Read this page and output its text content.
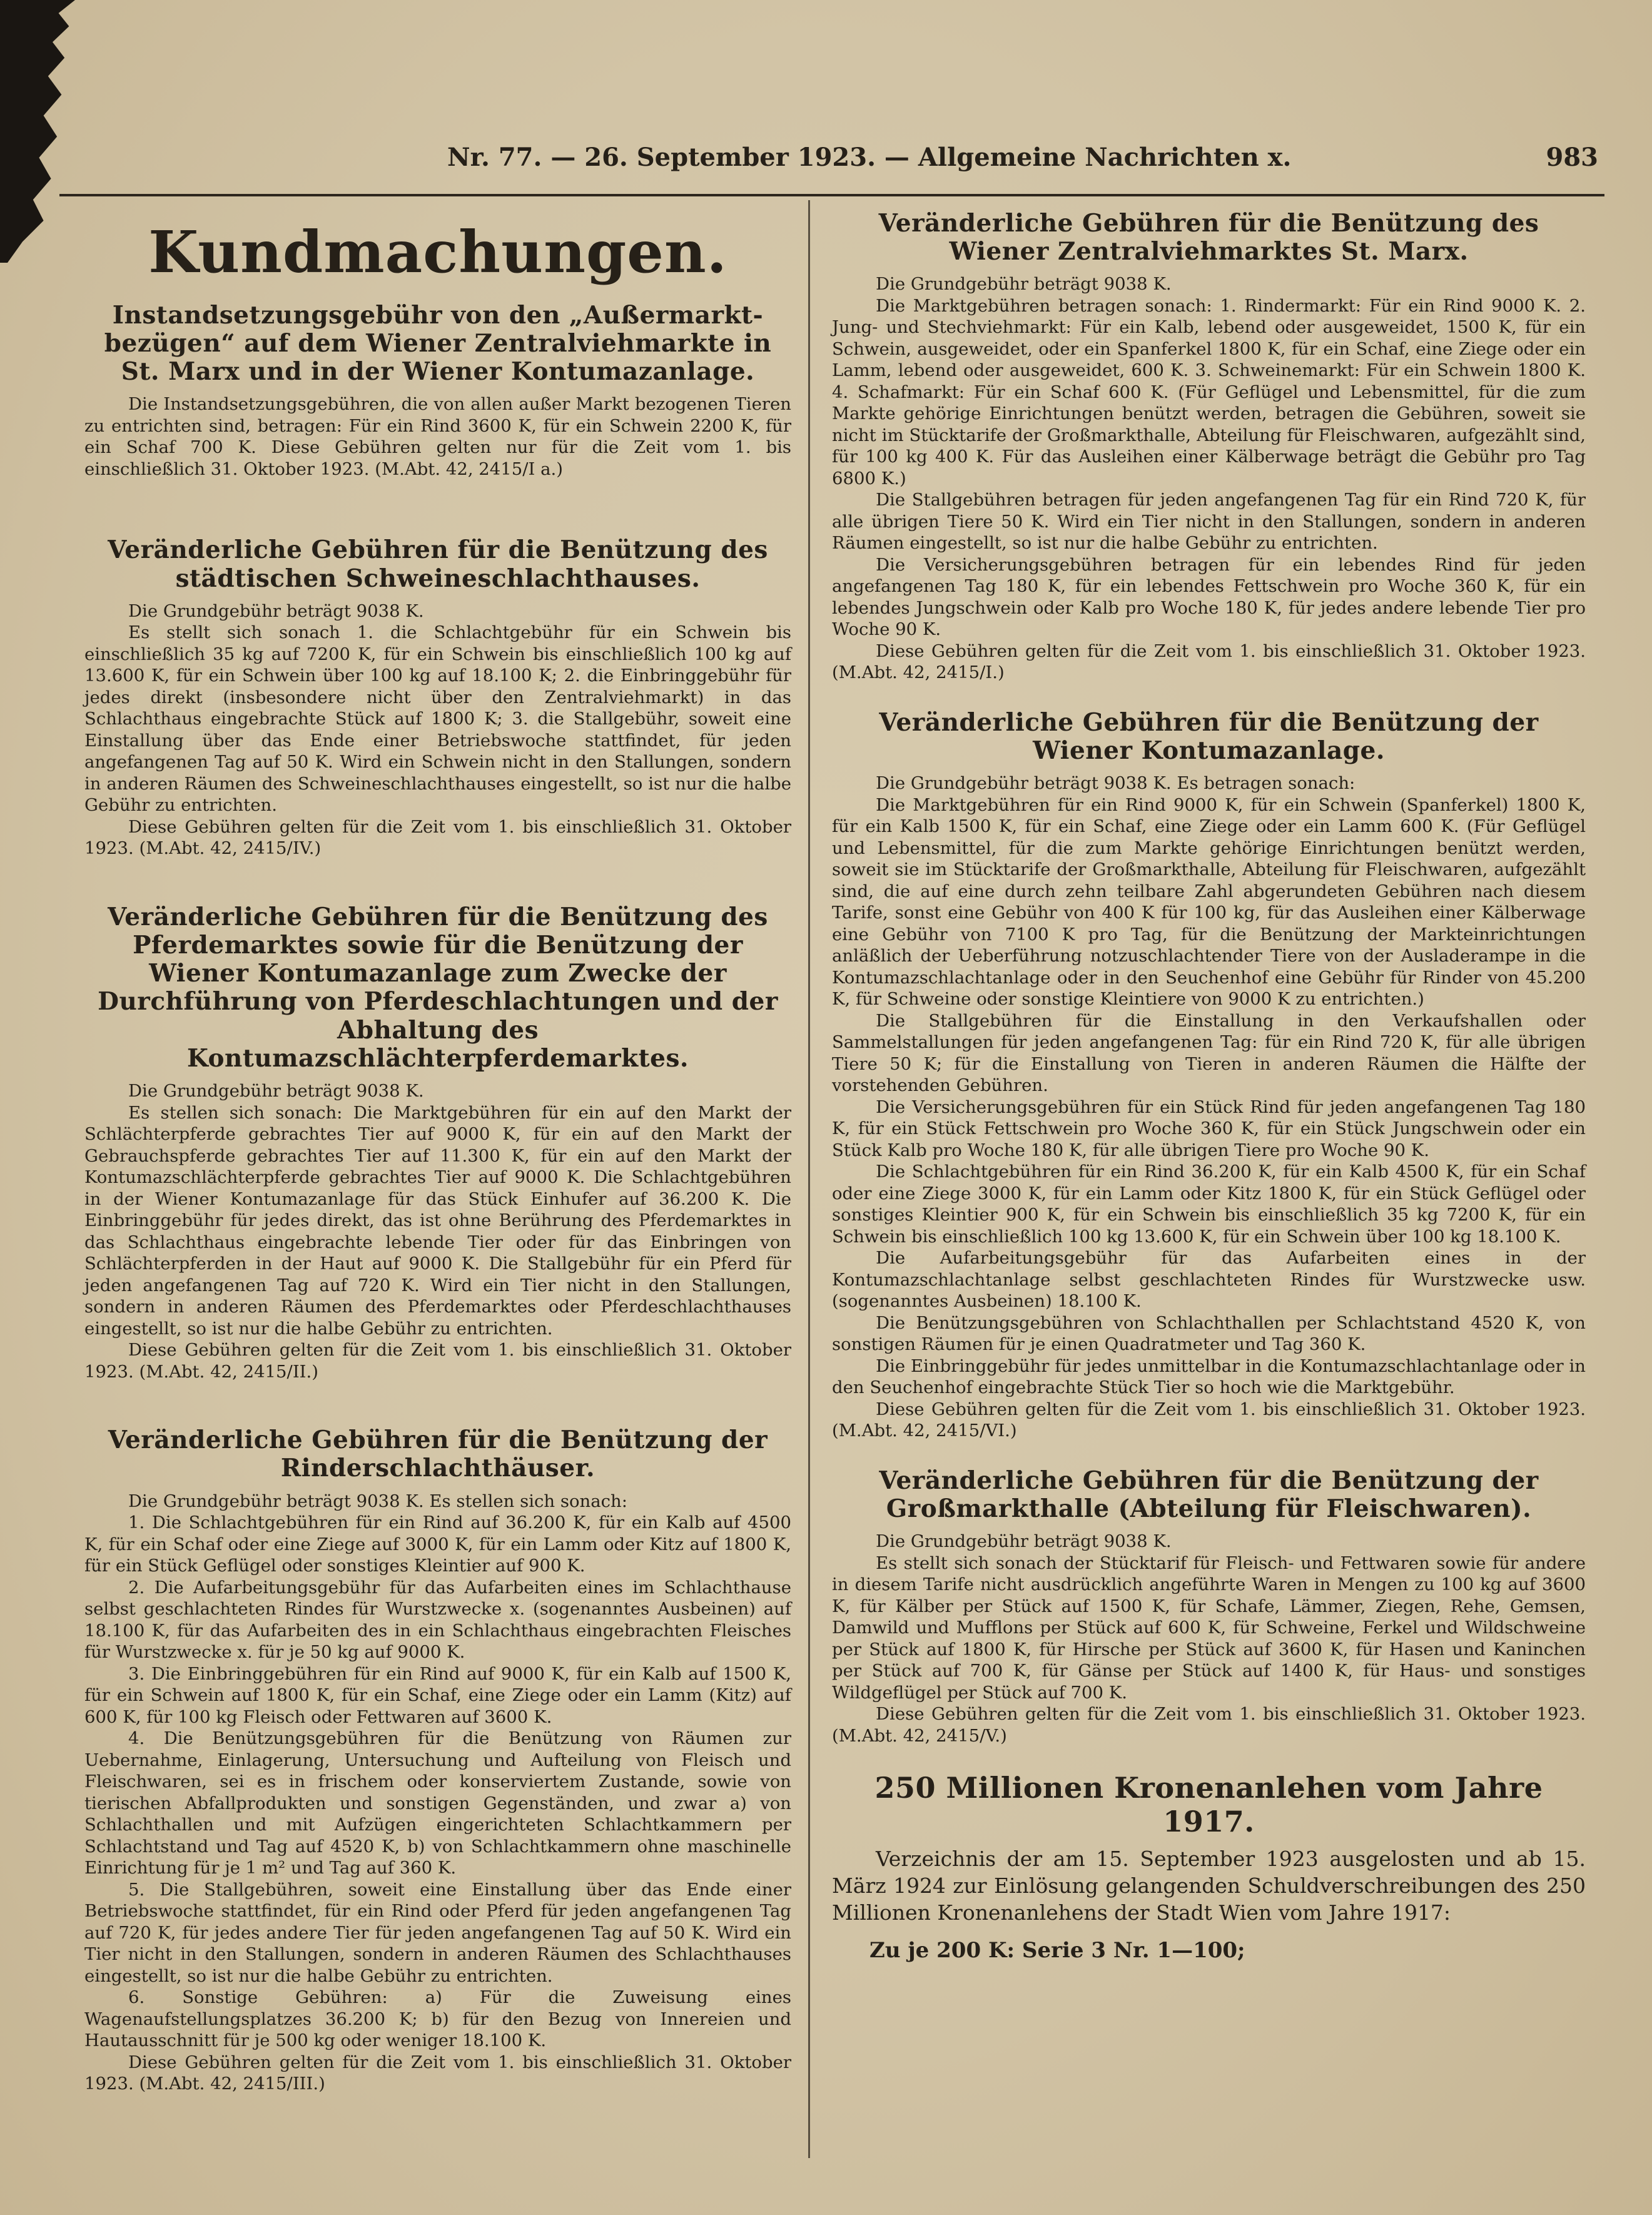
Nr. 77. — 26. September 1923. — Allgemeine Nachrichten x.	983
Kundmachungen.
Instandsetzungsgebühr von den „Außermarkt-bezügen“ auf dem Wiener Zentralviehmarkte in St. Marx und in der Wiener Kontumazanlage.

Die Instandsetzungsgebühren, die von allen außer Markt bezogenen Tieren zu entrichten sind, betragen: Für ein Rind 3600 K, für ein Schwein 2200 K, für ein Schaf 700 K. Diese Gebühren gelten nur für die Zeit vom 1. bis einschließlich 31. Oktober 1923. (M.Abt. 42, 2415/I a.)

Veränderliche Gebühren für die Benützung des städtischen Schweineschlachthauses.

Die Grundgebühr beträgt 9038 K.

Es stellt sich sonach 1. die Schlachtgebühr für ein Schwein bis einschließlich 35 kg auf 7200 K, für ein Schwein bis einschließlich 100 kg auf 13.600 K, für ein Schwein über 100 kg auf 18.100 K; 2. die Einbringgebühr für jedes direkt (insbesondere nicht über den Zentralviehmarkt) in das Schlachthaus eingebrachte Stück auf 1800 K; 3. die Stallgebühr, soweit eine Einstallung über das Ende einer Betriebswoche stattfindet, für jeden angefangenen Tag auf 50 K. Wird ein Schwein nicht in den Stallungen, sondern in anderen Räumen des Schweineschlachthauses eingestellt, so ist nur die halbe Gebühr zu entrichten.

Diese Gebühren gelten für die Zeit vom 1. bis einschließlich 31. Oktober 1923. (M.Abt. 42, 2415/IV.)

Veränderliche Gebühren für die Benützung des Pferdemarktes sowie für die Benützung der Wiener Kontumazanlage zum Zwecke der Durchführung von Pferdeschlachtungen und der Abhaltung des Kontumazschlächterpferdemarktes.

Die Grundgebühr beträgt 9038 K.

Es stellen sich sonach: Die Marktgebühren für ein auf den Markt der Schlächterpferde gebrachtes Tier auf 9000 K, für ein auf den Markt der Gebrauchspferde gebrachtes Tier auf 11.300 K, für ein auf den Markt der Kontumazschlächterpferde gebrachtes Tier auf 9000 K. Die Schlachtgebühren in der Wiener Kontumazanlage für das Stück Einhufer auf 36.200 K. Die Einbringgebühr für jedes direkt, das ist ohne Berührung des Pferdemarktes in das Schlachthaus eingebrachte lebende Tier oder für das Einbringen von Schlächterpferden in der Haut auf 9000 K. Die Stallgebühr für ein Pferd für jeden angefangenen Tag auf 720 K. Wird ein Tier nicht in den Stallungen, sondern in anderen Räumen des Pferdemarktes oder Pferdeschlachthauses eingestellt, so ist nur die halbe Gebühr zu entrichten.

Diese Gebühren gelten für die Zeit vom 1. bis einschließlich 31. Oktober 1923. (M.Abt. 42, 2415/II.)

Veränderliche Gebühren für die Benützung der Rinderschlachthäuser.

Die Grundgebühr beträgt 9038 K. Es stellen sich sonach:

1. Die Schlachtgebühren für ein Rind auf 36.200 K, für ein Kalb auf 4500 K, für ein Schaf oder eine Ziege auf 3000 K, für ein Lamm oder Kitz auf 1800 K, für ein Stück Geflügel oder sonstiges Kleintier auf 900 K.

2. Die Aufarbeitungsgebühr für das Aufarbeiten eines im Schlachthause selbst geschlachteten Rindes für Wurstzwecke x. (sogenanntes Ausbeinen) auf 18.100 K, für das Aufarbeiten des in ein Schlachthaus eingebrachten Fleisches für Wurstzwecke x. für je 50 kg auf 9000 K.

3. Die Einbringgebühren für ein Rind auf 9000 K, für ein Kalb auf 1500 K, für ein Schwein auf 1800 K, für ein Schaf, eine Ziege oder ein Lamm (Kitz) auf 600 K, für 100 kg Fleisch oder Fettwaren auf 3600 K.

4. Die Benützungsgebühren für die Benützung von Räumen zur Uebernahme, Einlagerung, Untersuchung und Aufteilung von Fleisch und Fleischwaren, sei es in frischem oder konserviertem Zustande, sowie von tierischen Abfallprodukten und sonstigen Gegenständen, und zwar a) von Schlachthallen und mit Aufzügen eingerichteten Schlachtkammern per Schlachtstand und Tag auf 4520 K, b) von Schlachtkammern ohne maschinelle Einrichtung für je 1 m² und Tag auf 360 K.

5. Die Stallgebühren, soweit eine Einstallung über das Ende einer Betriebswoche stattfindet, für ein Rind oder Pferd für jeden angefangenen Tag auf 720 K, für jedes andere Tier für jeden angefangenen Tag auf 50 K. Wird ein Tier nicht in den Stallungen, sondern in anderen Räumen des Schlachthauses eingestellt, so ist nur die halbe Gebühr zu entrichten.

6. Sonstige Gebühren: a) Für die Zuweisung eines Wagenaufstellungsplatzes 36.200 K; b) für den Bezug von Innereien und Hautausschnitt für je 500 kg oder weniger 18.100 K.

Diese Gebühren gelten für die Zeit vom 1. bis einschließlich 31. Oktober 1923. (M.Abt. 42, 2415/III.)

Veränderliche Gebühren für die Benützung des Wiener Zentralviehmarktes St. Marx.

Die Grundgebühr beträgt 9038 K.

Die Marktgebühren betragen sonach: 1. Rindermarkt: Für ein Rind 9000 K. 2. Jung- und Stechviehmarkt: Für ein Kalb, lebend oder ausgeweidet, 1500 K, für ein Schwein, ausgeweidet, oder ein Spanferkel 1800 K, für ein Schaf, eine Ziege oder ein Lamm, lebend oder ausgeweidet, 600 K. 3. Schweinemarkt: Für ein Schwein 1800 K. 4. Schafmarkt: Für ein Schaf 600 K. (Für Geflügel und Lebensmittel, für die zum Markte gehörige Einrichtungen benützt werden, betragen die Gebühren, soweit sie nicht im Stücktarife der Großmarkthalle, Abteilung für Fleischwaren, aufgezählt sind, für 100 kg 400 K. Für das Ausleihen einer Kälberwage beträgt die Gebühr pro Tag 6800 K.)

Die Stallgebühren betragen für jeden angefangenen Tag für ein Rind 720 K, für alle übrigen Tiere 50 K. Wird ein Tier nicht in den Stallungen, sondern in anderen Räumen eingestellt, so ist nur die halbe Gebühr zu entrichten.

Die Versicherungsgebühren betragen für ein lebendes Rind für jeden angefangenen Tag 180 K, für ein lebendes Fettschwein pro Woche 360 K, für ein lebendes Jungschwein oder Kalb pro Woche 180 K, für jedes andere lebende Tier pro Woche 90 K.

Diese Gebühren gelten für die Zeit vom 1. bis einschließlich 31. Oktober 1923. (M.Abt. 42, 2415/I.)

Veränderliche Gebühren für die Benützung der Wiener Kontumazanlage.

Die Grundgebühr beträgt 9038 K. Es betragen sonach:

Die Marktgebühren für ein Rind 9000 K, für ein Schwein (Spanferkel) 1800 K, für ein Kalb 1500 K, für ein Schaf, eine Ziege oder ein Lamm 600 K. (Für Geflügel und Lebensmittel, für die zum Markte gehörige Einrichtungen benützt werden, soweit sie im Stücktarife der Großmarkthalle, Abteilung für Fleischwaren, aufgezählt sind, die auf eine durch zehn teilbare Zahl abgerundeten Gebühren nach diesem Tarife, sonst eine Gebühr von 400 K für 100 kg, für das Ausleihen einer Kälberwage eine Gebühr von 7100 K pro Tag, für die Benützung der Markteinrichtungen anläßlich der Ueberführung notzuschlachtender Tiere von der Ausladerampe in die Kontumazschlachtanlage oder in den Seuchenhof eine Gebühr für Rinder von 45.200 K, für Schweine oder sonstige Kleintiere von 9000 K zu entrichten.)

Die Stallgebühren für die Einstallung in den Verkaufshallen oder Sammelstallungen für jeden angefangenen Tag: für ein Rind 720 K, für alle übrigen Tiere 50 K; für die Einstallung von Tieren in anderen Räumen die Hälfte der vorstehenden Gebühren.

Die Versicherungsgebühren für ein Stück Rind für jeden angefangenen Tag 180 K, für ein Stück Fettschwein pro Woche 360 K, für ein Stück Jungschwein oder ein Stück Kalb pro Woche 180 K, für alle übrigen Tiere pro Woche 90 K.

Die Schlachtgebühren für ein Rind 36.200 K, für ein Kalb 4500 K, für ein Schaf oder eine Ziege 3000 K, für ein Lamm oder Kitz 1800 K, für ein Stück Geflügel oder sonstiges Kleintier 900 K, für ein Schwein bis einschließlich 35 kg 7200 K, für ein Schwein bis einschließlich 100 kg 13.600 K, für ein Schwein über 100 kg 18.100 K.

Die Aufarbeitungsgebühr für das Aufarbeiten eines in der Kontumazschlachtanlage selbst geschlachteten Rindes für Wurstzwecke usw. (sogenanntes Ausbeinen) 18.100 K.

Die Benützungsgebühren von Schlachthallen per Schlachtstand 4520 K, von sonstigen Räumen für je einen Quadratmeter und Tag 360 K.

Die Einbringgebühr für jedes unmittelbar in die Kontumazschlachtanlage oder in den Seuchenhof eingebrachte Stück Tier so hoch wie die Marktgebühr.

Diese Gebühren gelten für die Zeit vom 1. bis einschließlich 31. Oktober 1923. (M.Abt. 42, 2415/VI.)

Veränderliche Gebühren für die Benützung der Großmarkthalle (Abteilung für Fleischwaren).

Die Grundgebühr beträgt 9038 K.

Es stellt sich sonach der Stücktarif für Fleisch- und Fettwaren sowie für andere in diesem Tarife nicht ausdrücklich angeführte Waren in Mengen zu 100 kg auf 3600 K, für Kälber per Stück auf 1500 K, für Schafe, Lämmer, Ziegen, Rehe, Gemsen, Damwild und Mufflons per Stück auf 600 K, für Schweine, Ferkel und Wildschweine per Stück auf 1800 K, für Hirsche per Stück auf 3600 K, für Hasen und Kaninchen per Stück auf 700 K, für Gänse per Stück auf 1400 K, für Haus- und sonstiges Wildgeflügel per Stück auf 700 K.

Diese Gebühren gelten für die Zeit vom 1. bis einschließlich 31. Oktober 1923. (M.Abt. 42, 2415/V.)

250 Millionen Kronenanlehen vom Jahre 1917.

Verzeichnis der am 15. September 1923 ausgelosten und ab 15. März 1924 zur Einlösung gelangenden Schuldverschreibungen des 250 Millionen Kronenanlehens der Stadt Wien vom Jahre 1917:

Zu je 200 K: Serie 3 Nr. 1—100;
